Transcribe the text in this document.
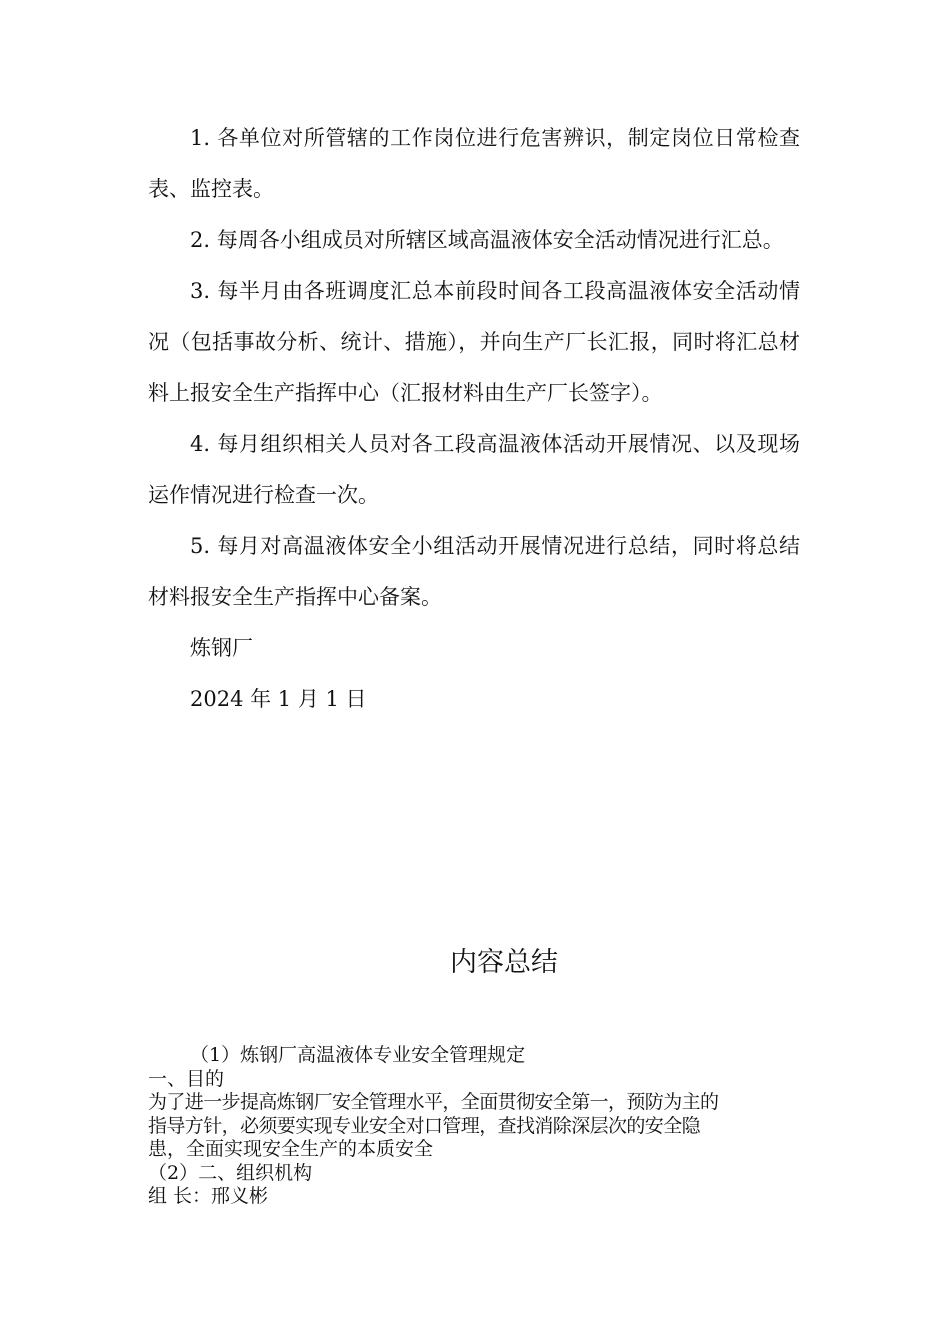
1. 各单位对所管辖的工作岗位进行危害辨识，制定岗位日常检查表、监控表。

2. 每周各小组成员对所辖区域高温液体安全活动情况进行汇总。

3. 每半月由各班调度汇总本前段时间各工段高温液体安全活动情况（包括事故分析、统计、措施），并向生产厂长汇报，同时将汇总材料上报安全生产指挥中心（汇报材料由生产厂长签字）。

4. 每月组织相关人员对各工段高温液体活动开展情况、以及现场运作情况进行检查一次。

5. 每月对高温液体安全小组活动开展情况进行总结，同时将总结材料报安全生产指挥中心备案。

炼钢厂

2024 年 1 月 1 日

内容总结

（1）炼钢厂高温液体专业安全管理规定

一、目的

为了进一步提高炼钢厂安全管理水平，全面贯彻安全第一，预防为主的

指导方针，必须要实现专业安全对口管理，查找消除深层次的安全隐

患，全面实现安全生产的本质安全

（2）二、组织机构

组 长：邢义彬
